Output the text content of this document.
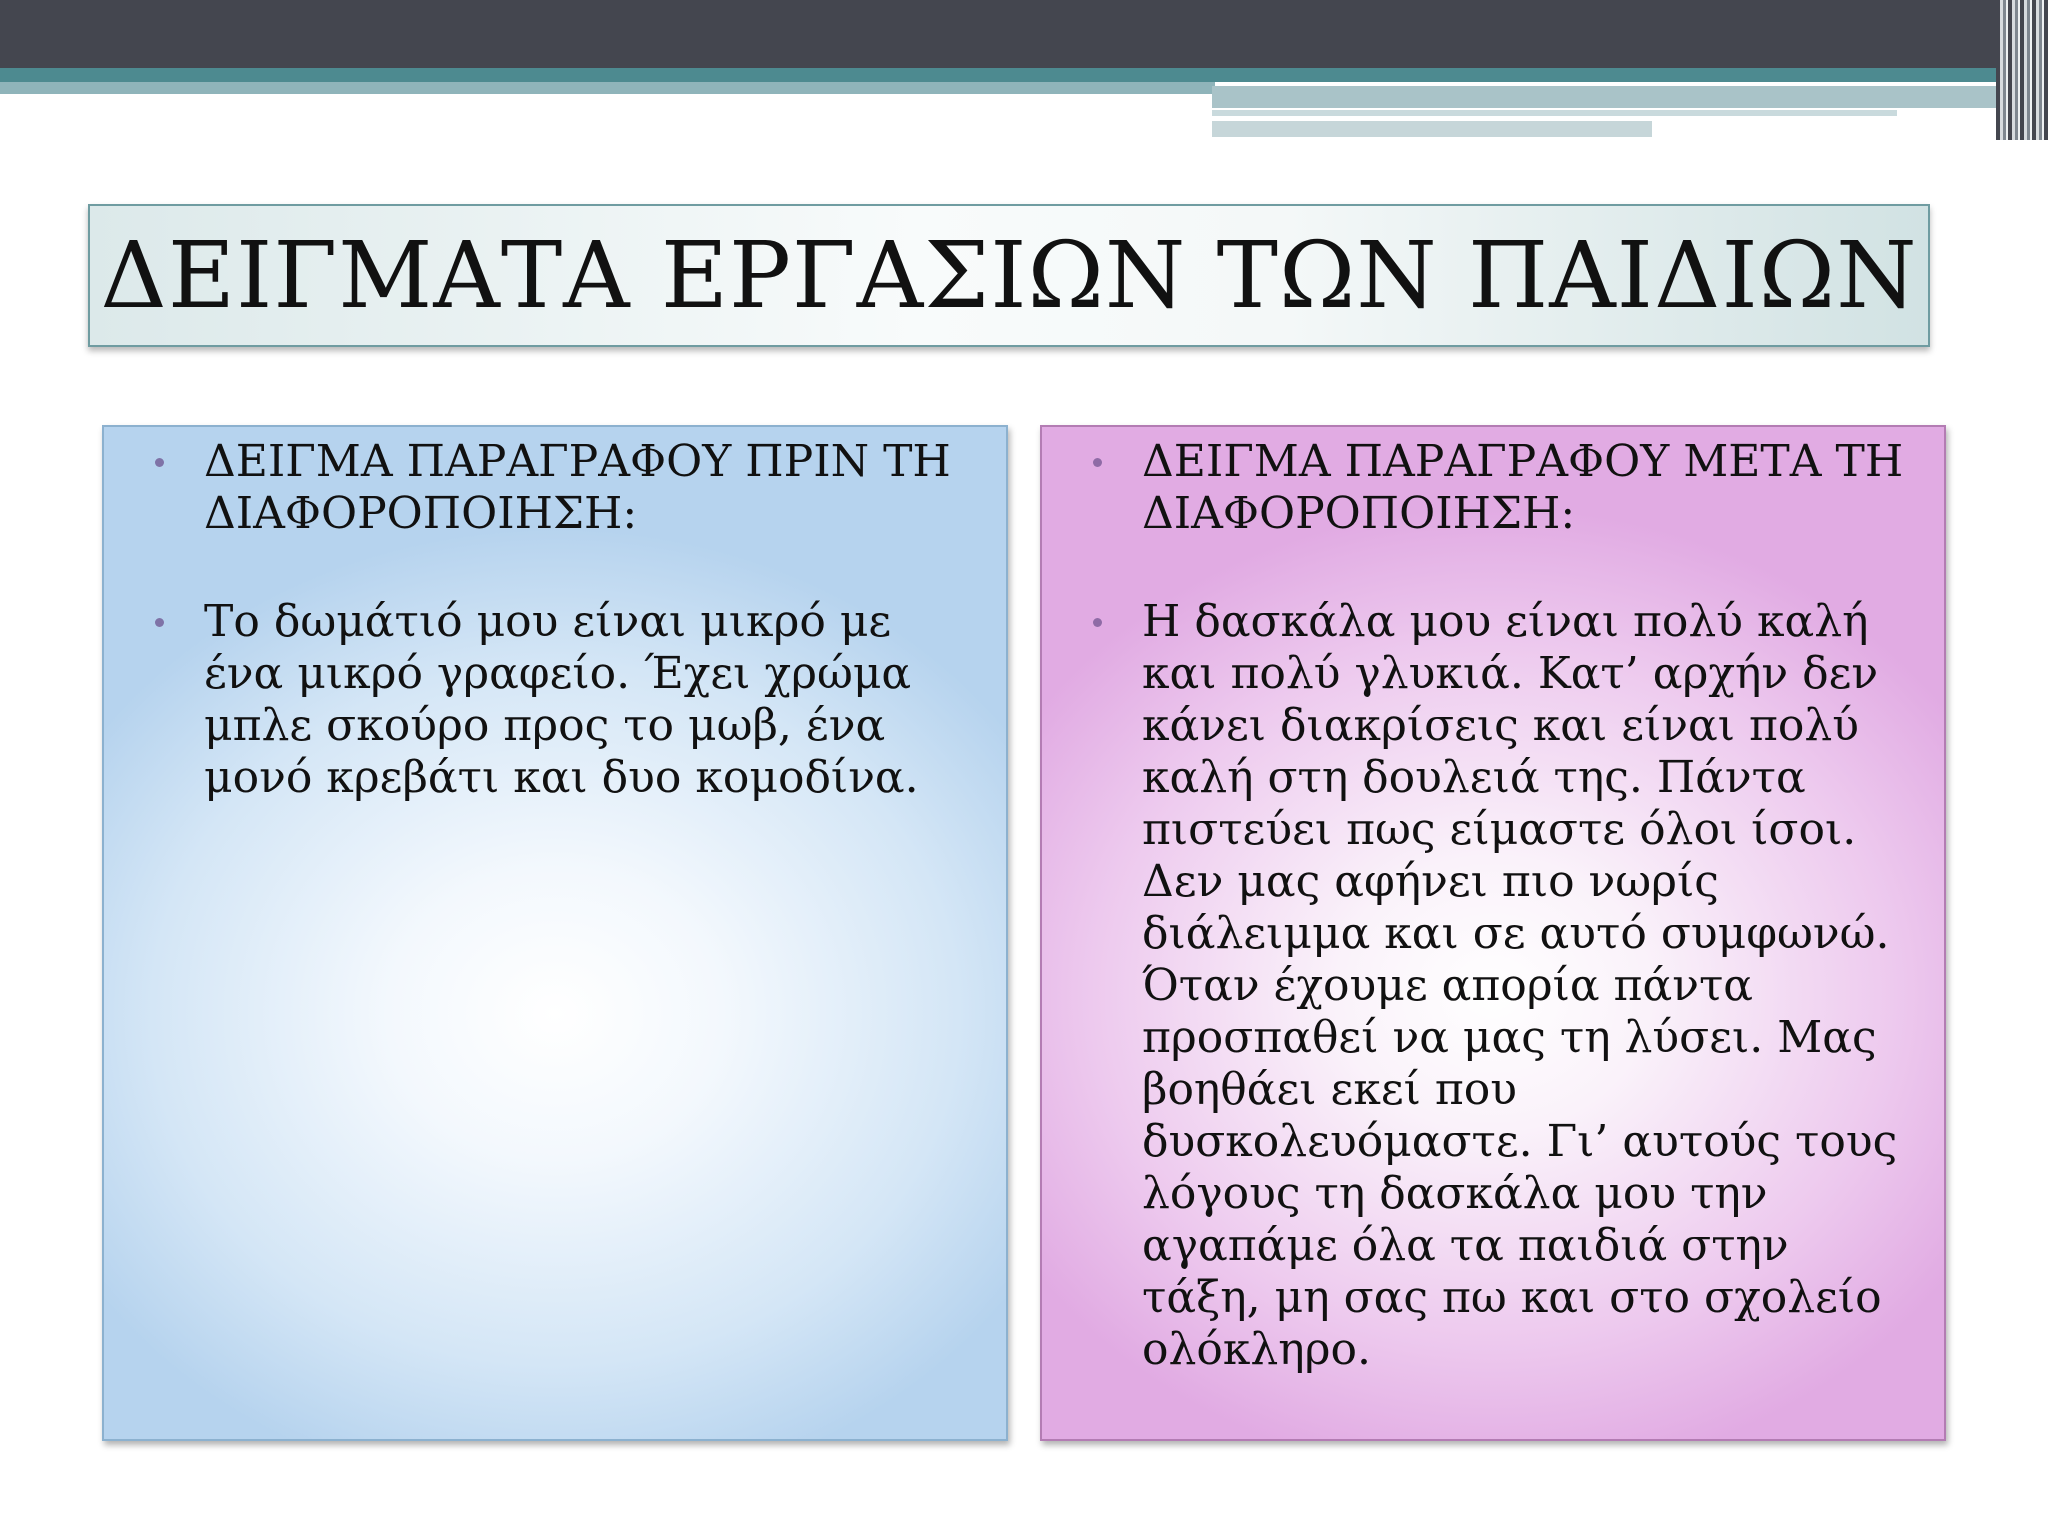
ΔΕΙΓΜΑΤΑ ΕΡΓΑΣΙΩΝ ΤΩΝ ΠΑΙΔΙΩΝ
ΔΕΙΓΜΑ ΠΑΡΑΓΡΑΦΟΥ ΠΡΙΝ ΤΗ ΔΙΑΦΟΡΟΠΟΙΗΣΗ:
Το δωμάτιό μου είναι μικρό με ένα μικρό γραφείο. Έχει χρώμα μπλε σκούρο προς το μωβ, ένα μονό κρεβάτι και δυο κομοδίνα.
ΔΕΙΓΜΑ ΠΑΡΑΓΡΑΦΟΥ ΜΕΤΑ ΤΗ ΔΙΑΦΟΡΟΠΟΙΗΣΗ:
Η δασκάλα μου είναι πολύ καλή και πολύ γλυκιά. Κατ’ αρχήν δεν κάνει διακρίσεις και είναι πολύ καλή στη δουλειά της. Πάντα πιστεύει πως είμαστε όλοι ίσοι. Δεν μας αφήνει πιο νωρίς διάλειμμα και σε αυτό συμφωνώ. Όταν έχουμε απορία πάντα προσπαθεί να μας τη λύσει. Μας βοηθάει εκεί που δυσκολευόμαστε. Γι’ αυτούς τους λόγους τη δασκάλα μου την αγαπάμε όλα τα παιδιά στην τάξη, μη σας πω και στο σχολείο ολόκληρο.
